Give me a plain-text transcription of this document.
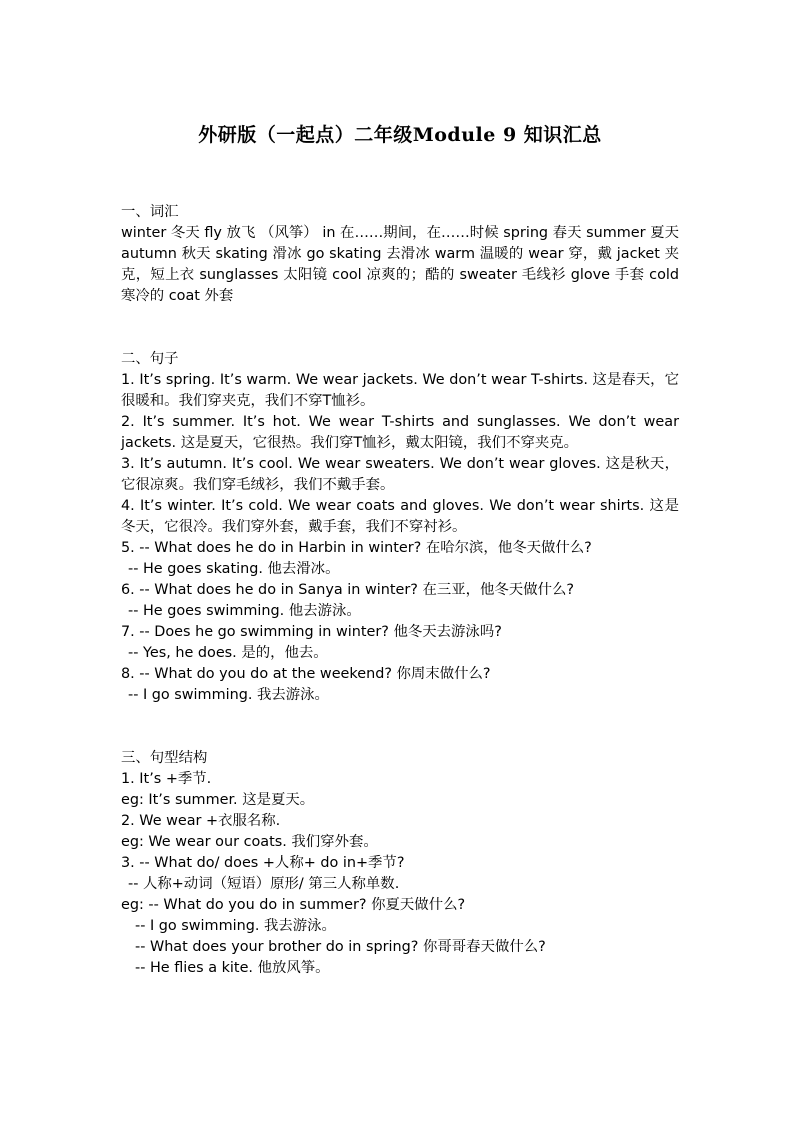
外研版（一起点）二年级Module 9 知识汇总

一、词汇

winter 冬天 fly 放飞 （风筝） in 在……期间，在……时候 spring 春天 summer 夏天 autumn 秋天 skating 滑冰 go skating 去滑冰 warm 温暖的 wear 穿，戴 jacket 夹克，短上衣 sunglasses 太阳镜 cool 凉爽的；酷的 sweater 毛线衫 glove 手套 cold 寒冷的 coat 外套

二、句子

1. It’s spring. It’s warm. We wear jackets. We don’t wear T-shirts. 这是春天，它很暖和。我们穿夹克，我们不穿T恤衫。

2. It’s summer. It’s hot. We wear T-shirts and sunglasses. We don’t wear jackets. 这是夏天，它很热。我们穿T恤衫，戴太阳镜，我们不穿夹克。

3. It’s autumn. It’s cool. We wear sweaters. We don’t wear gloves. 这是秋天，它很凉爽。我们穿毛绒衫，我们不戴手套。

4. It’s winter. It’s cold. We wear coats and gloves. We don’t wear shirts. 这是冬天，它很冷。我们穿外套，戴手套，我们不穿衬衫。

5. -- What does he do in Harbin in winter? 在哈尔滨，他冬天做什么?

-- He goes skating. 他去滑冰。

6. -- What does he do in Sanya in winter? 在三亚，他冬天做什么?

-- He goes swimming. 他去游泳。

7. -- Does he go swimming in winter? 他冬天去游泳吗?

-- Yes, he does. 是的，他去。

8. -- What do you do at the weekend? 你周末做什么?

-- I go swimming. 我去游泳。

三、句型结构

1. It’s +季节.

eg: It’s summer. 这是夏天。

2. We wear +衣服名称.

eg: We wear our coats. 我们穿外套。

3. -- What do/ does +人称+ do in+季节?

-- 人称+动词（短语）原形/ 第三人称单数.

eg: -- What do you do in summer? 你夏天做什么?

-- I go swimming. 我去游泳。

-- What does your brother do in spring? 你哥哥春天做什么?

-- He flies a kite. 他放风筝。
